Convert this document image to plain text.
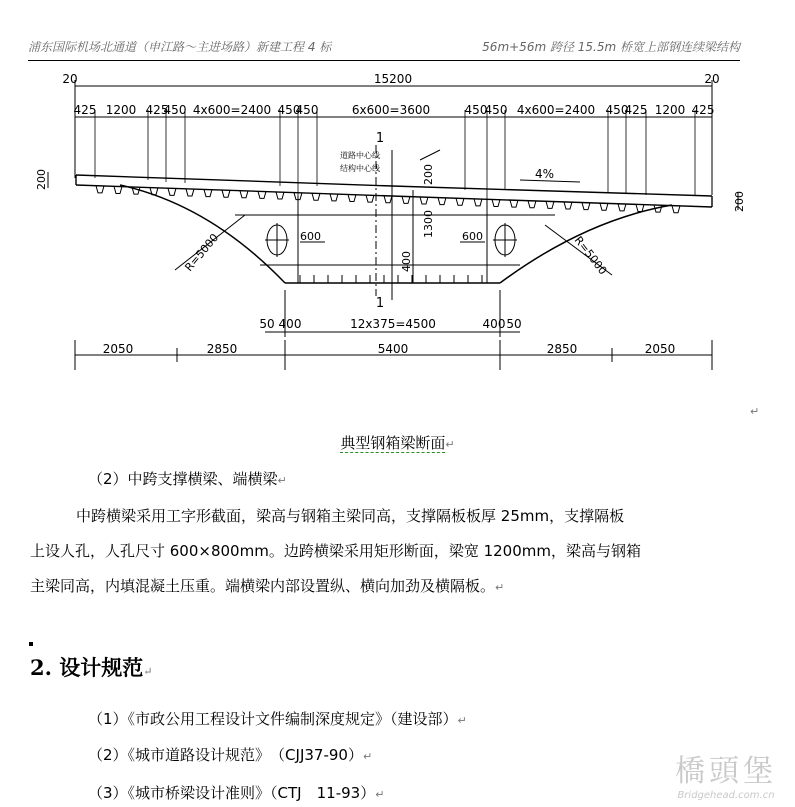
浦东国际机场北通道（申江路～主进场路）新建工程 4 标	56m+56m 跨径 15.5m 桥宽上部钢连续梁结构
15200
20	20
425 1200 425
450 4x600=2400 450
450	6x600=3600	450
450 4x600=2400 450
425 1200 425
1
1
道路中心线
结构中心线	4%
200
200
R=5000	R=5000
600	600
200
1300
400
50 400	12x375=4500	400 50
2050	2850	5400	2850	2050
↵
典型钢箱梁断面↵
（2）中跨支撑横梁、端横梁↵
中跨横梁采用工字形截面，梁高与钢箱主梁同高，支撑隔板板厚 25mm，支撑隔板
上设人孔，人孔尺寸 600×800mm。边跨横梁采用矩形断面，梁宽 1200mm，梁高与钢箱
主梁同高，内填混凝土压重。端横梁内部设置纵、横向加劲及横隔板。↵
2. 设计规范↵
（1）《市政公用工程设计文件编制深度规定》（建设部）↵
（2）《城市道路设计规范》　（CJJ37-90）↵
（3）《城市桥梁设计准则》（CTJ　11-93）↵
橋頭堡
Bridgehead.com.cn
